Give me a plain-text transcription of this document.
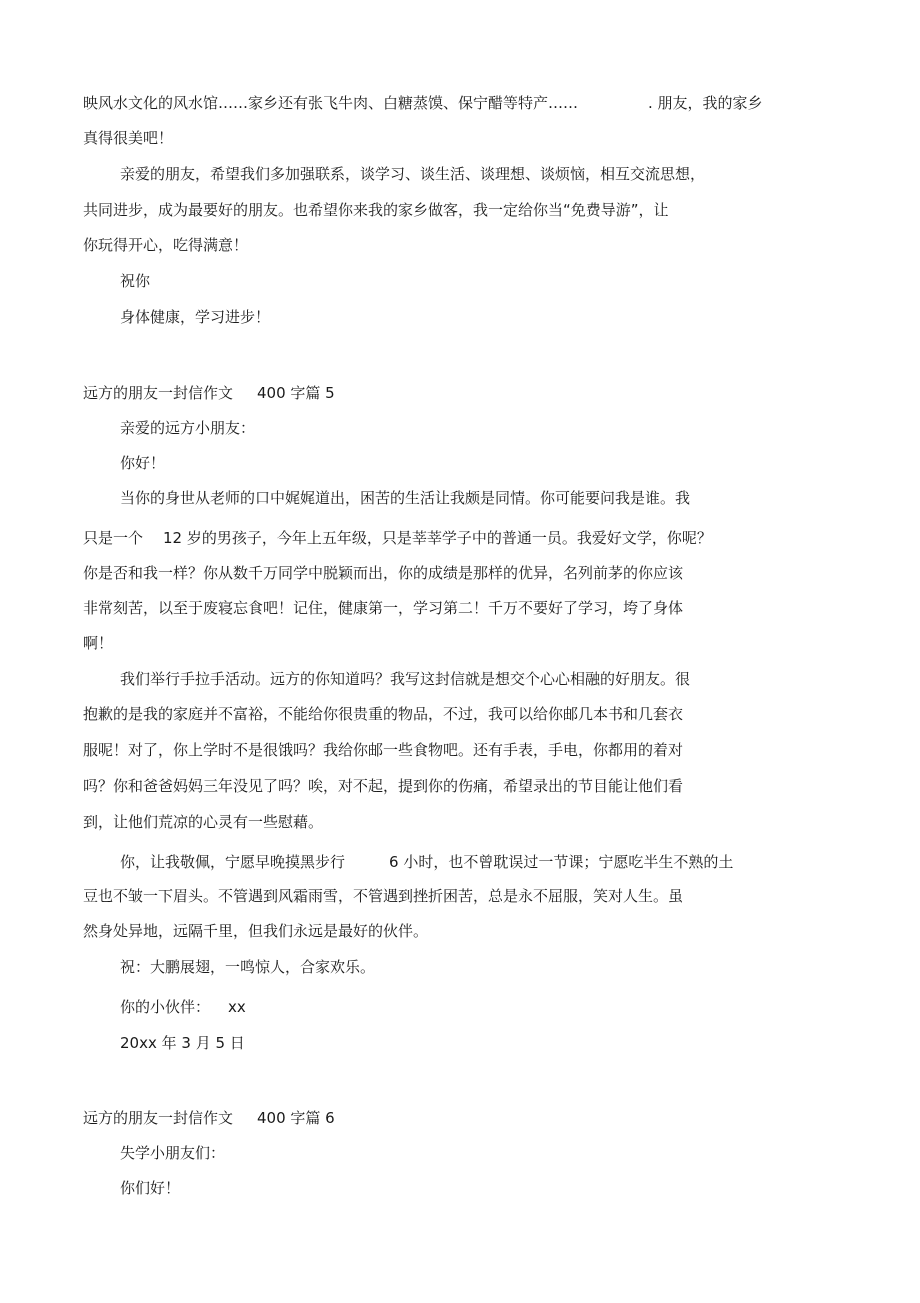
映风水文化的风水馆……家乡还有张飞牛肉、白糖蒸馍、保宁醋等特产……	. 朋友，我的家乡
真得很美吧！
亲爱的朋友，希望我们多加强联系，谈学习、谈生活、谈理想、谈烦恼，相互交流思想，
共同进步，成为最要好的朋友。也希望你来我的家乡做客，我一定给你当“免费导游”，让
你玩得开心，吃得满意！
祝你
身体健康，学习进步！
远方的朋友一封信作文 400 字篇 5
亲爱的远方小朋友：
你好！
当你的身世从老师的口中娓娓道出，困苦的生活让我颇是同情。你可能要问我是谁。我
只是一个 12 岁的男孩子，今年上五年级，只是莘莘学子中的普通一员。我爱好文学，你呢？
你是否和我一样？你从数千万同学中脱颖而出，你的成绩是那样的优异，名列前茅的你应该
非常刻苦，以至于废寝忘食吧！记住，健康第一，学习第二！千万不要好了学习，垮了身体
啊！
我们举行手拉手活动。远方的你知道吗？我写这封信就是想交个心心相融的好朋友。很
抱歉的是我的家庭并不富裕，不能给你很贵重的物品，不过，我可以给你邮几本书和几套衣
服呢！对了，你上学时不是很饿吗？我给你邮一些食物吧。还有手表，手电，你都用的着对
吗？你和爸爸妈妈三年没见了吗？唉，对不起，提到你的伤痛，希望录出的节目能让他们看
到，让他们荒凉的心灵有一些慰藉。
你，让我敬佩，宁愿早晚摸黑步行	6 小时，也不曾耽误过一节课；宁愿吃半生不熟的土
豆也不皱一下眉头。不管遇到风霜雨雪，不管遇到挫折困苦，总是永不屈服，笑对人生。虽
然身处异地，远隔千里，但我们永远是最好的伙伴。
祝：大鹏展翅，一鸣惊人，合家欢乐。
你的小伙伴： xx
20xx 年 3 月 5 日
远方的朋友一封信作文 400 字篇 6
失学小朋友们：
你们好！
